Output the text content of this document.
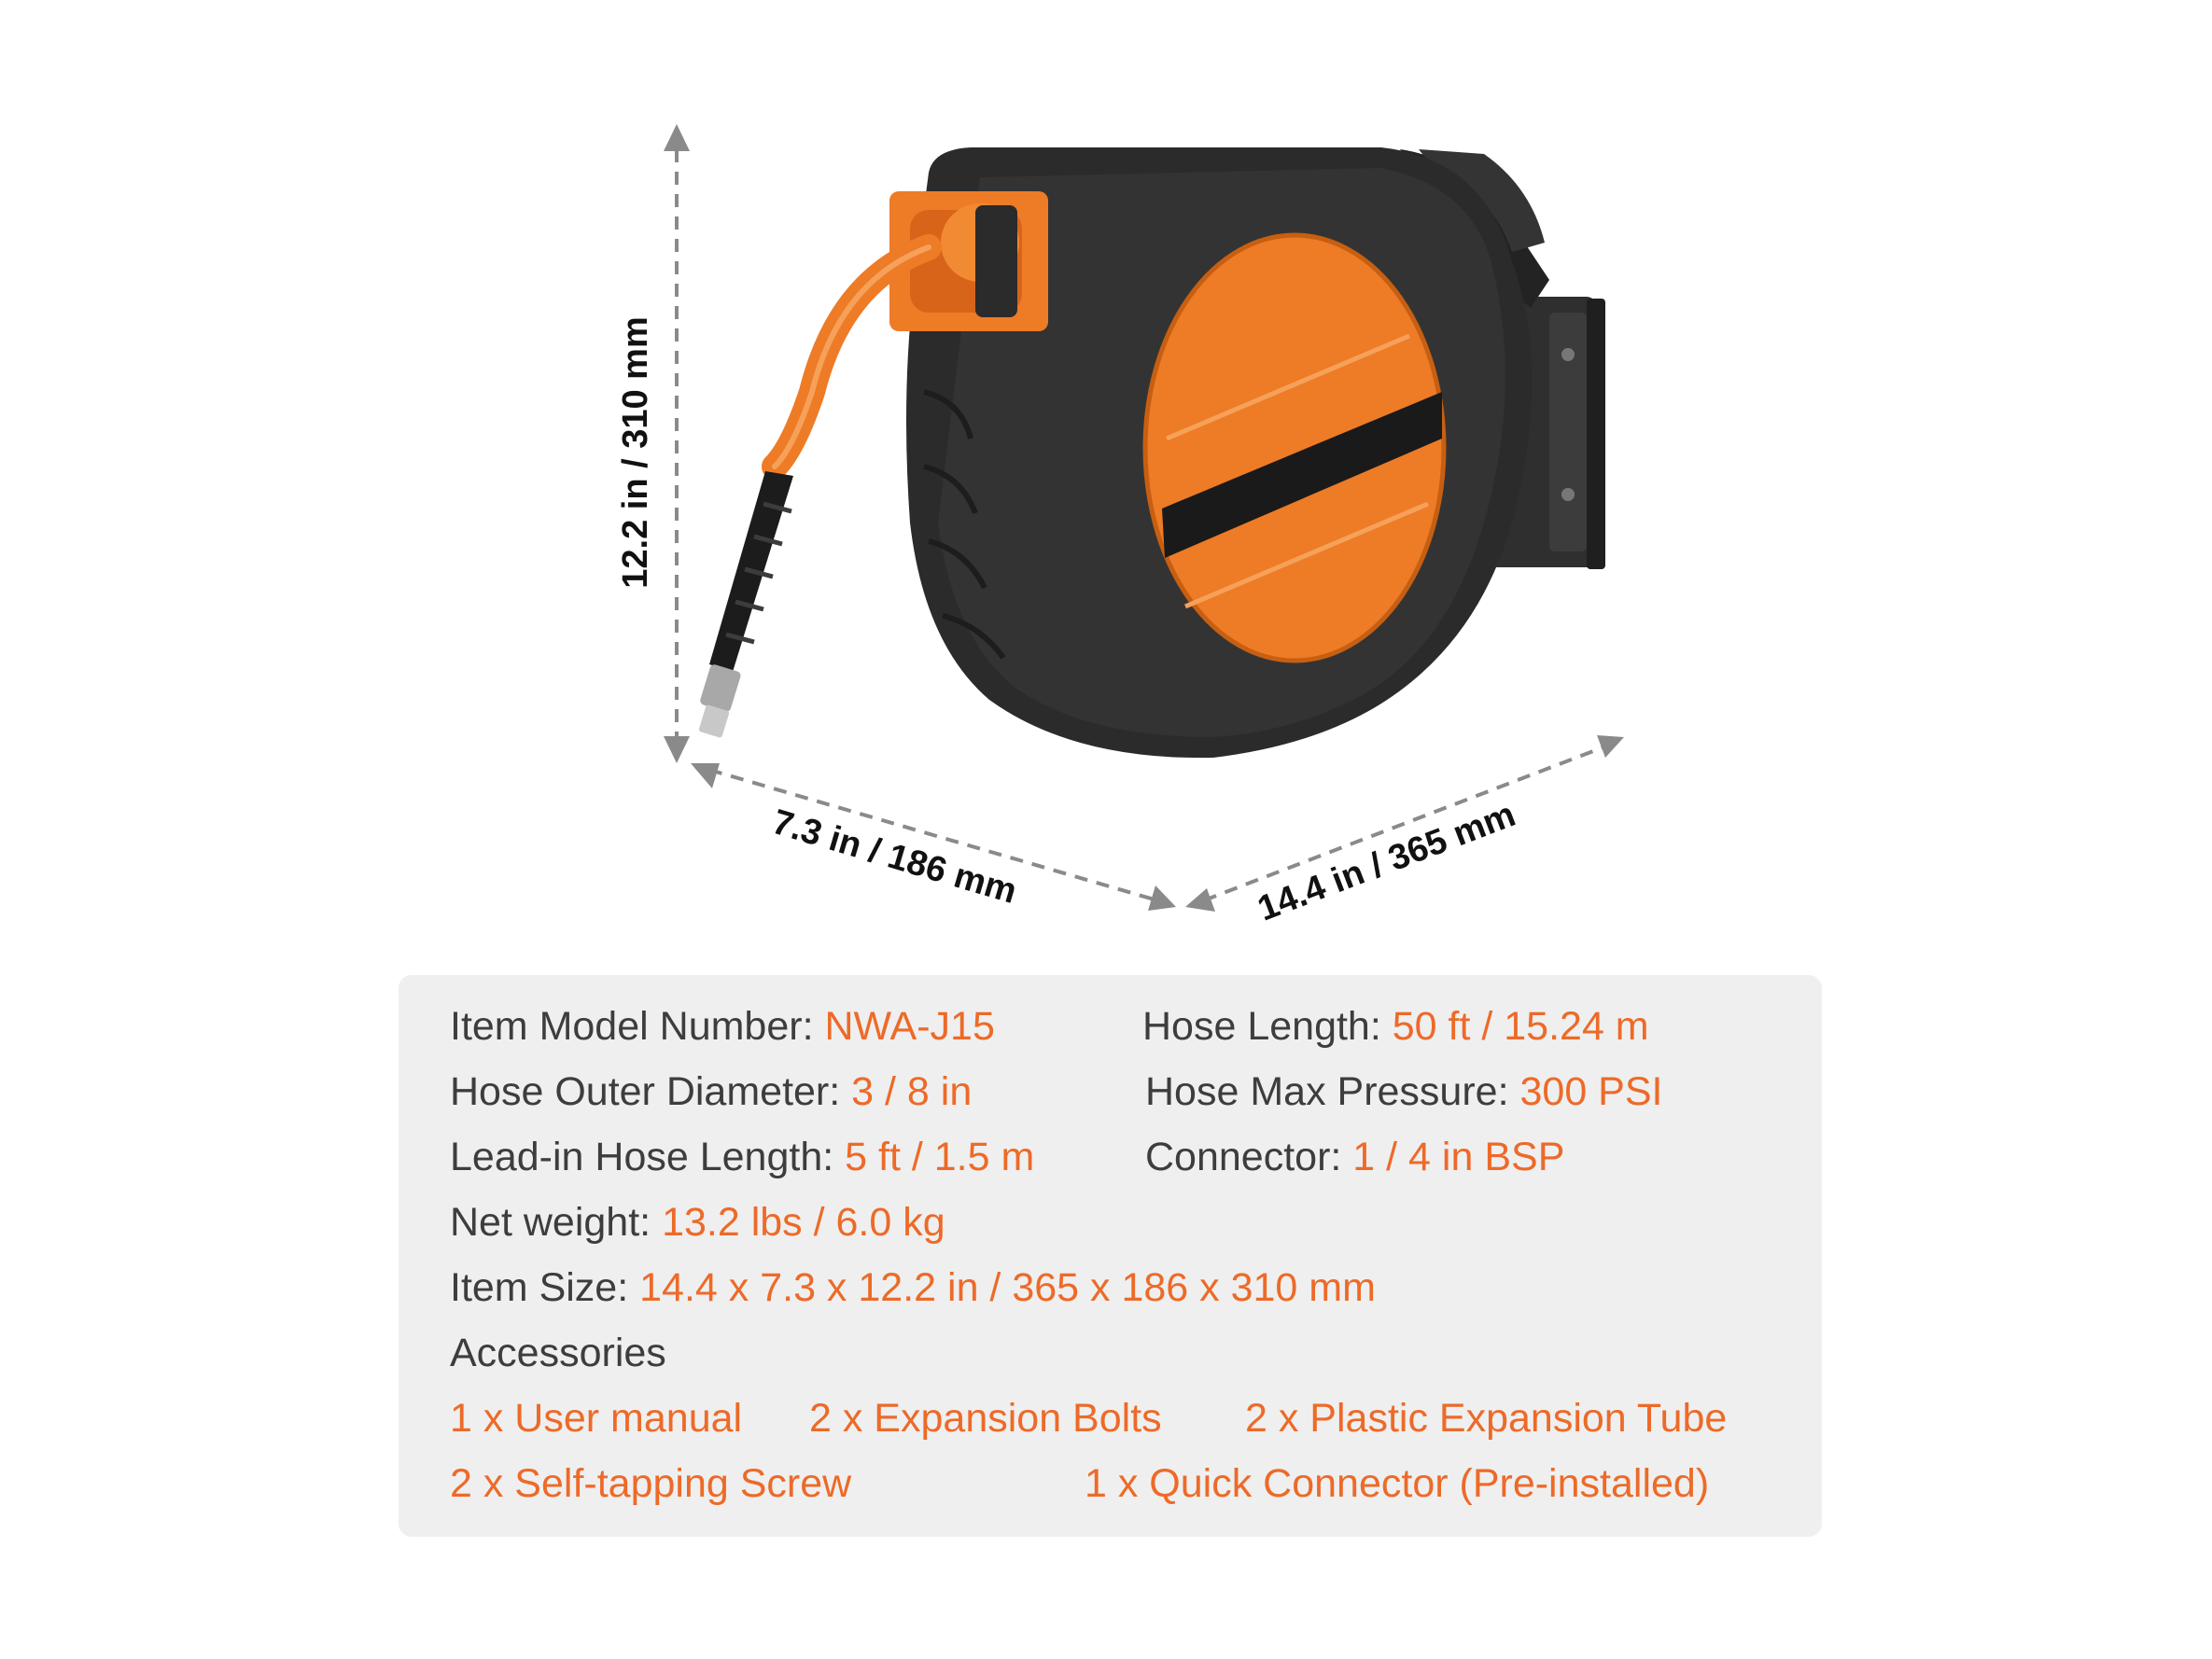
12.2 in / 310 mm
7.3 in / 186 mm	14.4 in / 365 mm
Item Model Number: NWA-J15	Hose Length: 50 ft / 15.24 m
Hose Outer Diameter: 3 / 8 in	Hose Max Pressure: 300 PSI
Lead-in Hose Length: 5 ft / 1.5 m	Connector: 1 / 4 in BSP
Net weight: 13.2 lbs / 6.0 kg
Item Size: 14.4 x 7.3 x 12.2 in / 365 x 186 x 310 mm
Accessories
1 x User manual 2 x Expansion Bolts 2 x Plastic Expansion Tube
2 x Self-tapping Screw	1 x Quick Connector (Pre-installed)
